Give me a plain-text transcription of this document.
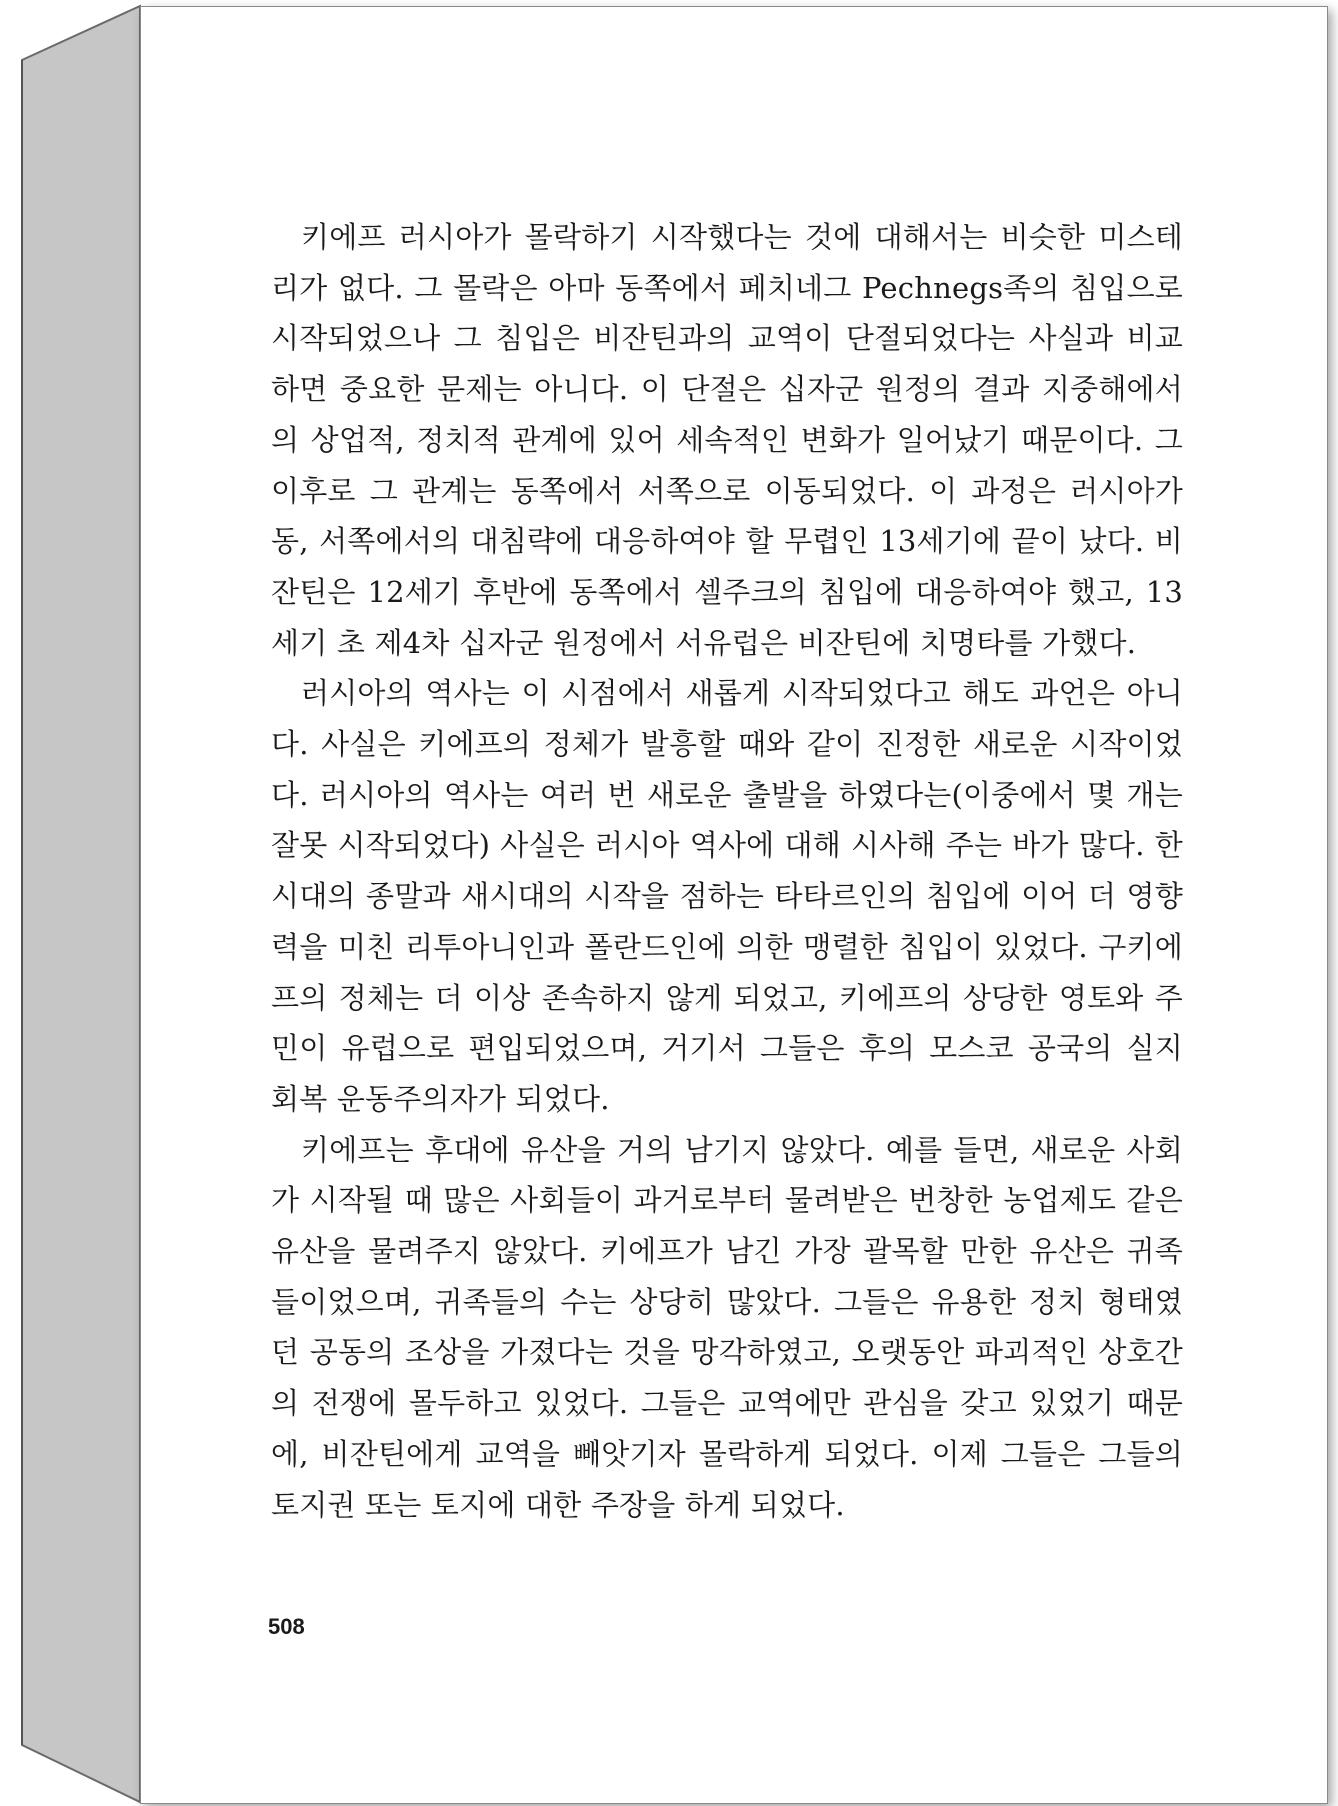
키에프 러시아가 몰락하기 시작했다는 것에 대해서는 비슷한 미스테리가 없다. 그 몰락은 아마 동쪽에서 페치네그 Pechnegs족의 침입으로 시작되었으나 그 침입은 비잔틴과의 교역이 단절되었다는 사실과 비교하면 중요한 문제는 아니다. 이 단절은 십자군 원정의 결과 지중해에서의 상업적, 정치적 관계에 있어 세속적인 변화가 일어났기 때문이다. 그 이후로 그 관계는 동쪽에서 서쪽으로 이동되었다. 이 과정은 러시아가 동, 서쪽에서의 대침략에 대응하여야 할 무렵인 13세기에 끝이 났다. 비잔틴은 12세기 후반에 동쪽에서 셀주크의 침입에 대응하여야 했고, 13세기 초 제4차 십자군 원정에서 서유럽은 비잔틴에 치명타를 가했다.

러시아의 역사는 이 시점에서 새롭게 시작되었다고 해도 과언은 아니다. 사실은 키에프의 정체가 발흥할 때와 같이 진정한 새로운 시작이었다. 러시아의 역사는 여러 번 새로운 출발을 하였다는(이중에서 몇 개는 잘못 시작되었다) 사실은 러시아 역사에 대해 시사해 주는 바가 많다. 한 시대의 종말과 새시대의 시작을 점하는 타타르인의 침입에 이어 더 영향력을 미친 리투아니인과 폴란드인에 의한 맹렬한 침입이 있었다. 구키에프의 정체는 더 이상 존속하지 않게 되었고, 키에프의 상당한 영토와 주민이 유럽으로 편입되었으며, 거기서 그들은 후의 모스코 공국의 실지 회복 운동주의자가 되었다.

키에프는 후대에 유산을 거의 남기지 않았다. 예를 들면, 새로운 사회가 시작될 때 많은 사회들이 과거로부터 물려받은 번창한 농업제도 같은 유산을 물려주지 않았다. 키에프가 남긴 가장 괄목할 만한 유산은 귀족들이었으며, 귀족들의 수는 상당히 많았다. 그들은 유용한 정치 형태였던 공동의 조상을 가졌다는 것을 망각하였고, 오랫동안 파괴적인 상호간의 전쟁에 몰두하고 있었다. 그들은 교역에만 관심을 갖고 있었기 때문에, 비잔틴에게 교역을 빼앗기자 몰락하게 되었다. 이제 그들은 그들의 토지권 또는 토지에 대한 주장을 하게 되었다.

508
